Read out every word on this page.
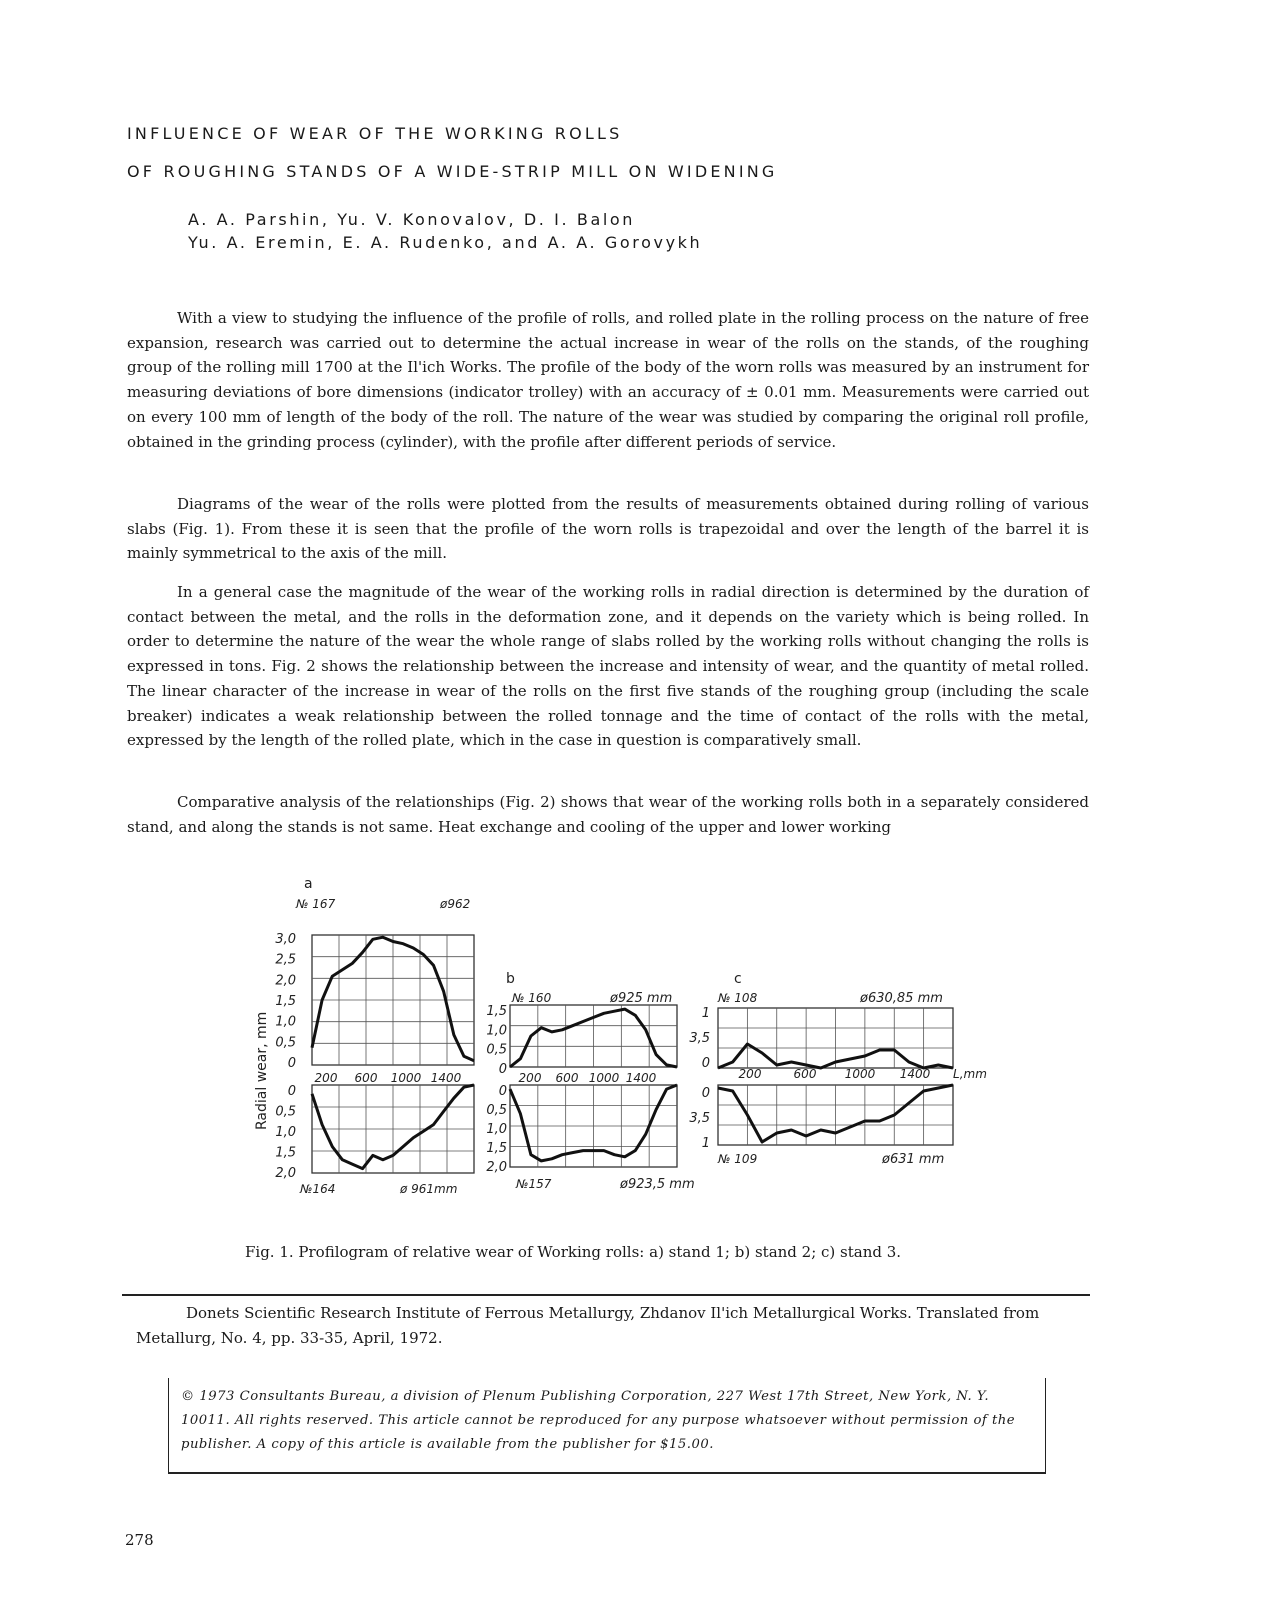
INFLUENCE OF WEAR OF THE WORKING ROLLS
OF ROUGHING STANDS OF A WIDE-STRIP MILL ON WIDENING
A. A. Parshin, Yu. V. Konovalov, D. I. Balon
Yu. A. Eremin, E. A. Rudenko, and A. A. Gorovykh

With a view to studying the influence of the profile of rolls, and rolled plate in the rolling process on the nature of free expansion, research was carried out to determine the actual increase in wear of the rolls on the stands, of the roughing group of the rolling mill 1700 at the Il'ich Works. The profile of the body of the worn rolls was measured by an instrument for measuring deviations of bore dimensions (indicator trolley) with an accuracy of ± 0.01 mm. Measurements were carried out on every 100 mm of length of the body of the roll. The nature of the wear was studied by comparing the original roll profile, obtained in the grinding process (cylinder), with the profile after different periods of service.

Diagrams of the wear of the rolls were plotted from the results of measurements obtained during rolling of various slabs (Fig. 1). From these it is seen that the profile of the worn rolls is trapezoidal and over the length of the barrel it is mainly symmetrical to the axis of the mill.

In a general case the magnitude of the wear of the working rolls in radial direction is determined by the duration of contact between the metal, and the rolls in the deformation zone, and it depends on the variety which is being rolled. In order to determine the nature of the wear the whole range of slabs rolled by the working rolls without changing the rolls is expressed in tons. Fig. 2 shows the relationship between the increase and intensity of wear, and the quantity of metal rolled. The linear character of the increase in wear of the rolls on the first five stands of the roughing group (including the scale breaker) indicates a weak relationship between the rolled tonnage and the time of contact of the rolls with the metal, expressed by the length of the rolled plate, which in the case in question is comparatively small.

Comparative analysis of the relationships (Fig. 2) shows that wear of the working rolls both in a separately considered stand, and along the stands is not same. Heat exchange and cooling of the upper and lower working

Radial wear, mm
a
№ 167	ø962
3,0
2,5
2,0
1,5
1,0
0,5
0
200 600 1000 1400
0
0,5
1,0
1,5
2,0
№164	ø 961mm
b
№ 160	ø925 mm
1,5
1,0
0,5
0
200 600 1000 1400
0
0,5
1,0
1,5
2,0
№157	ø923,5 mm
c
№ 108	ø630,85 mm
1
3,5
0
200	600 1000 1400 L,mm
0
3,5
1
№ 109	ø631 mm
Fig. 1. Profilogram of relative wear of Working rolls: a) stand 1; b) stand 2; c) stand 3.

Donets Scientific Research Institute of Ferrous Metallurgy, Zhdanov Il'ich Metallurgical Works. Translated from Metallurg, No. 4, pp. 33-35, April, 1972.

© 1973 Consultants Bureau, a division of Plenum Publishing Corporation, 227 West 17th Street, New York, N. Y. 10011. All rights reserved. This article cannot be reproduced for any purpose whatsoever without permission of the publisher. A copy of this article is available from the publisher for $15.00.
278
